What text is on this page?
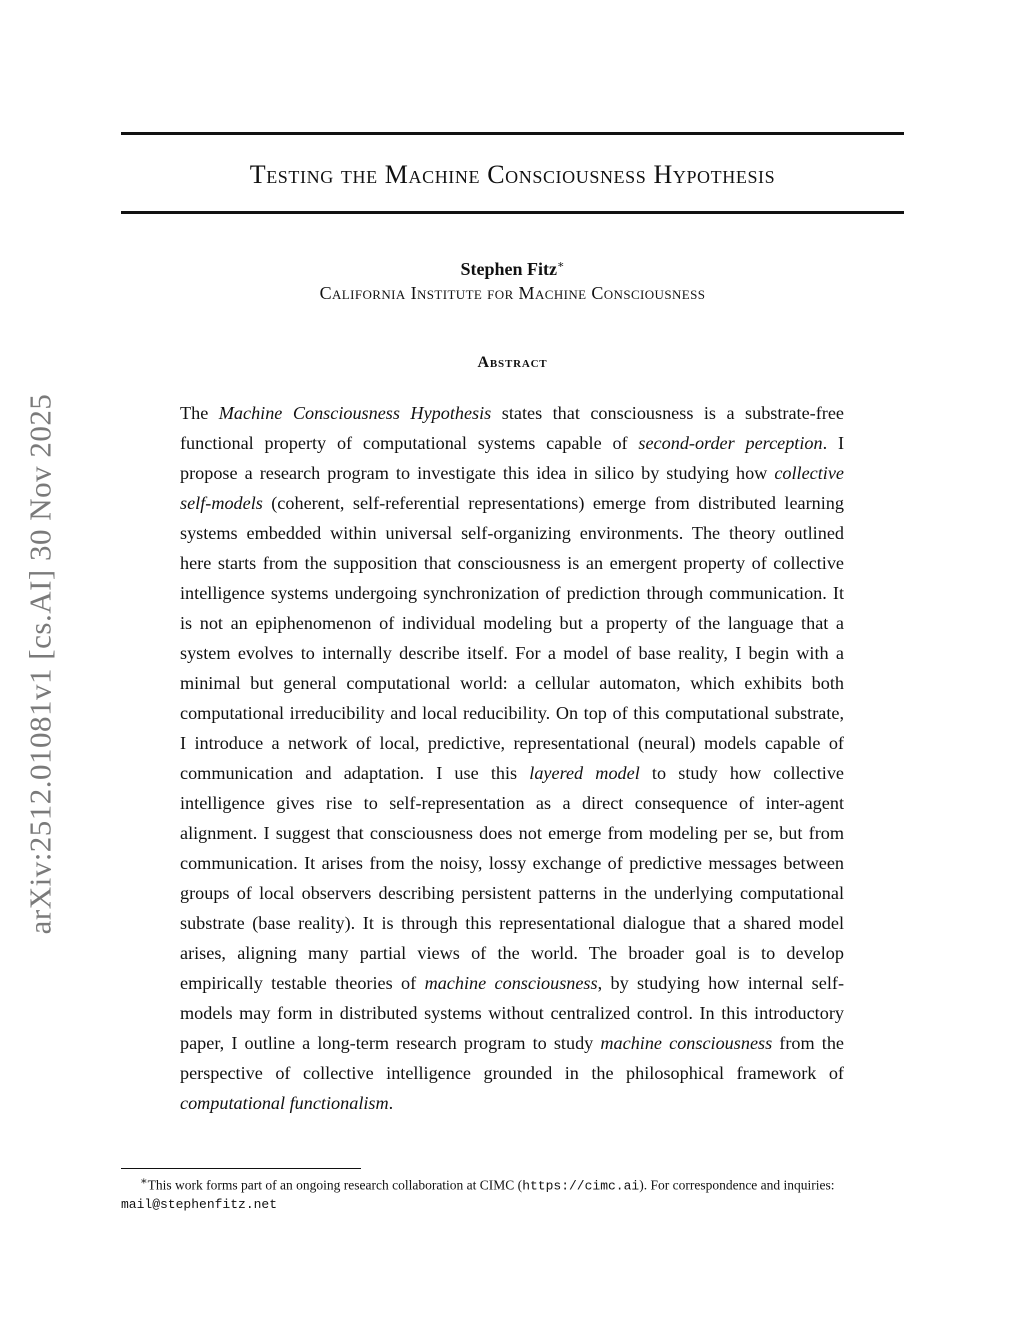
arXiv:2512.01081v1 [cs.AI] 30 Nov 2025
Testing the Machine Consciousness Hypothesis
Stephen Fitz∗
California Institute for Machine Consciousness
Abstract
The Machine Consciousness Hypothesis states that consciousness is a substrate-free functional property of computational systems capable of second-order perception. I propose a research program to investigate this idea in silico by studying how collective self-models (coherent, self-referential representations) emerge from distributed learning systems embedded within universal self-organizing environments. The theory outlined here starts from the supposition that consciousness is an emergent property of collective intelligence systems undergoing synchronization of prediction through communication. It is not an epiphenomenon of individual modeling but a property of the language that a system evolves to internally describe itself. For a model of base reality, I begin with a minimal but general computational world: a cellular automaton, which exhibits both computational irreducibility and local reducibility. On top of this computational substrate, I introduce a network of local, predictive, representational (neural) models capable of communication and adaptation. I use this layered model to study how collective intelligence gives rise to self-representation as a direct consequence of inter-agent alignment. I suggest that consciousness does not emerge from modeling per se, but from communication. It arises from the noisy, lossy exchange of predictive messages between groups of local observers describing persistent patterns in the underlying computational substrate (base reality). It is through this representational dialogue that a shared model arises, aligning many partial views of the world. The broader goal is to develop empirically testable theories of machine consciousness, by studying how internal self-models may form in distributed systems without centralized control. In this introductory paper, I outline a long-term research program to study machine consciousness from the perspective of collective intelligence grounded in the philosophical framework of computational functionalism.
∗This work forms part of an ongoing research collaboration at CIMC (https://cimc.ai). For correspondence and inquiries:
mail@stephenfitz.net
